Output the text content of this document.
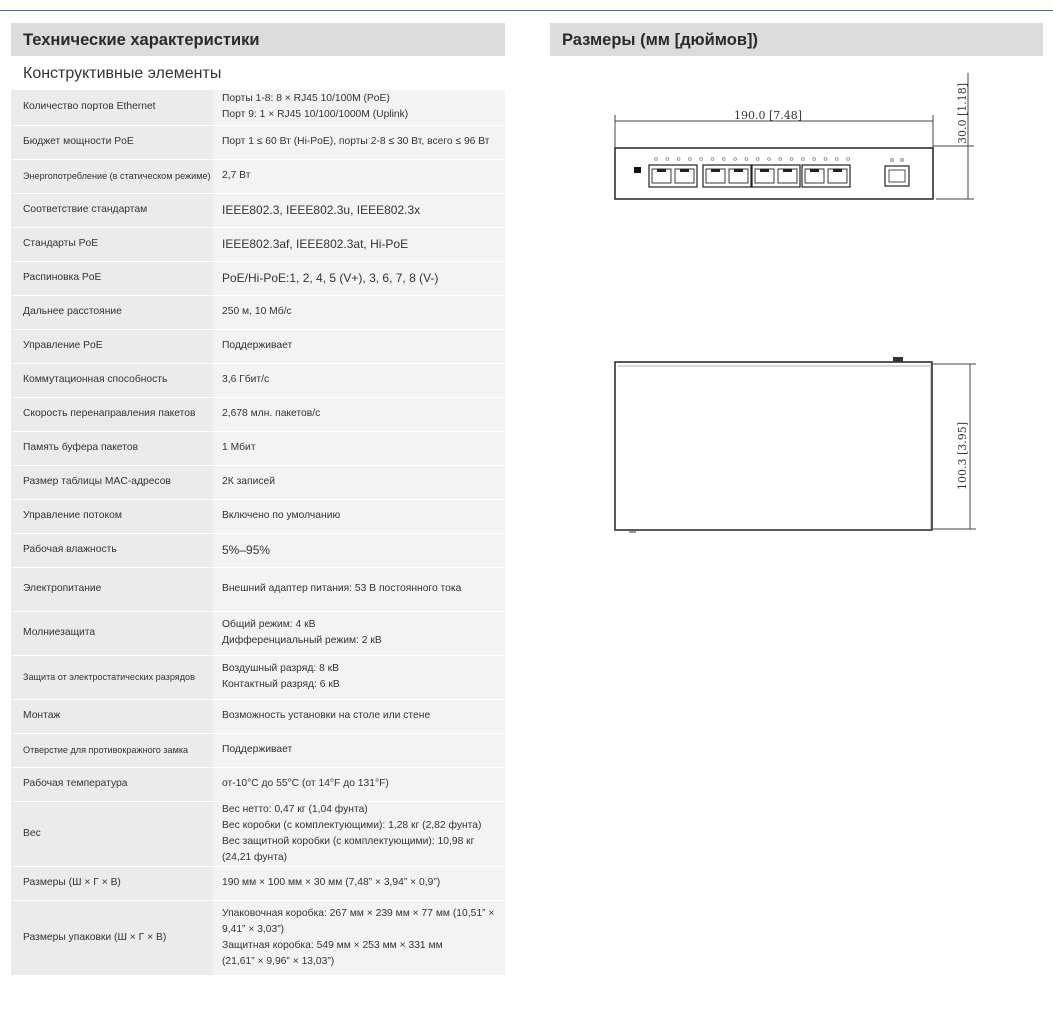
Технические характеристики
Конструктивные элементы
Количество портов Ethernet	Порты 1-8: 8 × RJ45 10/100M (PoE)
Порт 9: 1 × RJ45 10/100/1000M (Uplink)

Бюджет мощности PoE	Порт 1 ≤ 60 Вт (Hi-PoE), порты 2-8 ≤ 30 Вт, всего ≤ 96 Вт

Энергопотребление (в статическом режиме)	2,7 Вт

Соответствие стандартам	IEEE802.3, IEEE802.3u, IEEE802.3x

Стандарты PoE	IEEE802.3af, IEEE802.3at, Hi-PoE

Распиновка PoE	PoE/Hi-PoE:1, 2, 4, 5 (V+), 3, 6, 7, 8 (V-)

Дальнее расстояние	250 м, 10 Мб/с

Управление PoE	Поддерживает

Коммутационная способность	3,6 Гбит/с

Скорость перенаправления пакетов	2,678 млн. пакетов/с

Память буфера пакетов	1 Мбит

Размер таблицы MAC-адресов	2К записей

Управление потоком	Включено по умолчанию

Рабочая влажность	5%–95%

Электропитание	Внешний адаптер питания: 53 В постоянного тока

Молниезащита	Общий режим: 4 кВ
Дифференциальный режим: 2 кВ

Защита от электростатических разрядов	Воздушный разряд: 8 кВ
Контактный разряд: 6 кВ

Монтаж	Возможность установки на столе или стене

Отверстие для противокражного замка	Поддерживает

Рабочая температура	от-10°C до 55°C (от 14°F до 131°F)

Вес	Вес нетто: 0,47 кг (1,04 фунта)
Вес коробки (с комплектующими): 1,28 кг (2,82 фунта)
Вес защитной коробки (с комплектующими): 10,98 кг
(24,21 фунта)

Размеры (Ш × Г × В)	190 мм × 100 мм × 30 мм (7,48” × 3,94” × 0,9”)

Размеры упаковки (Ш × Г × В)	Упаковочная коробка: 267 мм × 239 мм × 77 мм (10,51” ×
9,41” × 3,03”)
Защитная коробка: 549 мм × 253 мм × 331 мм
(21,61” × 9,96” × 13,03”)
Размеры (мм [дюймов])
190.0 [7.48]	30.0 [1.18]
100.3 [3.95]
